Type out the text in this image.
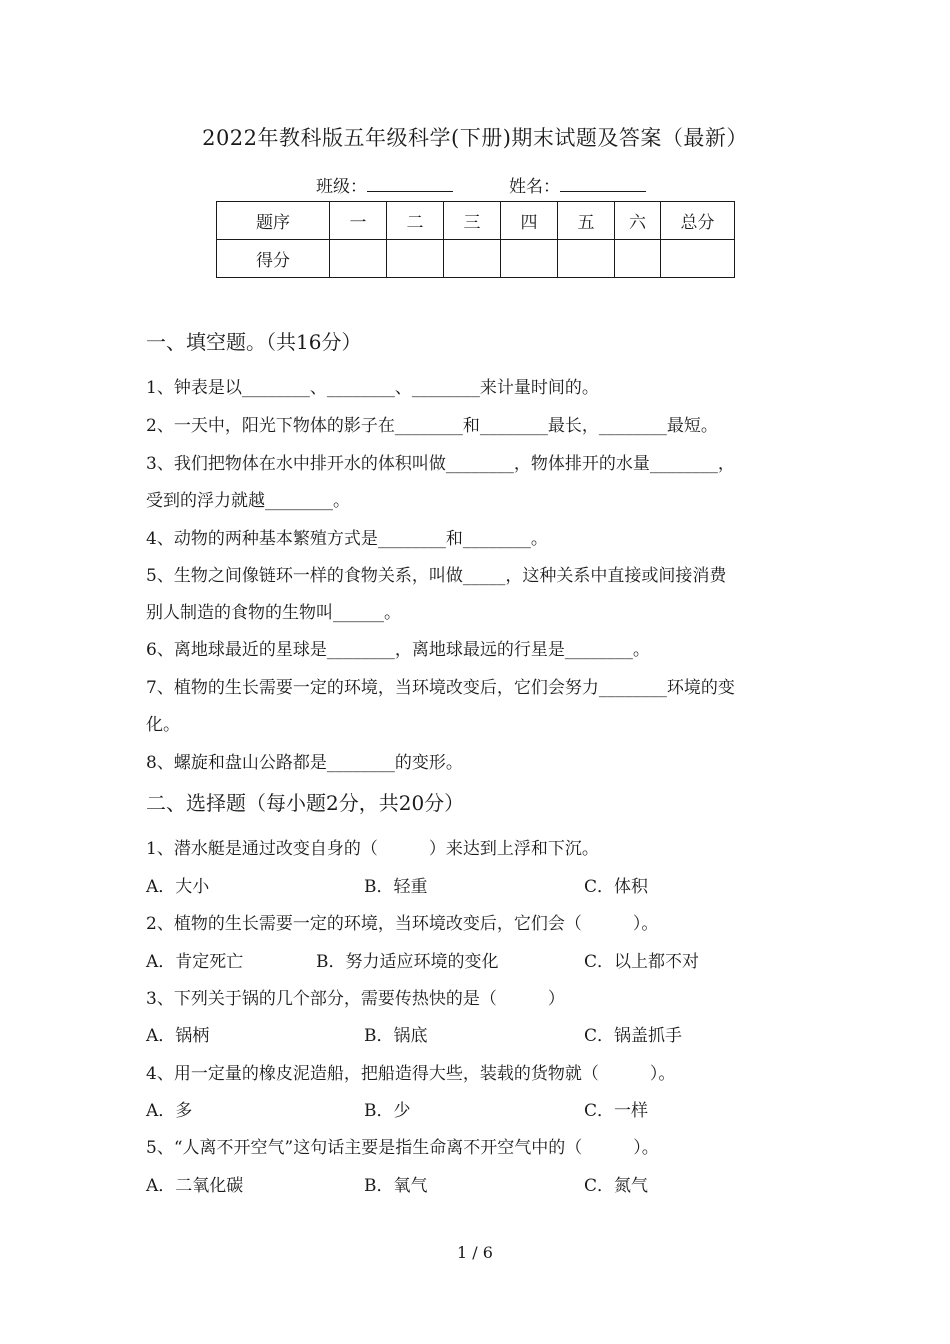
2022年教科版五年级科学(下册)期末试题及答案（最新）
班级：	姓名：
题序	一	二	三	四	五	六	总分
得分							
一、填空题。（共16分）
1、钟表是以________、________、________来计量时间的。
2、一天中，阳光下物体的影子在________和________最长，________最短。
3、我们把物体在水中排开水的体积叫做________，物体排开的水量________，
受到的浮力就越________。
4、动物的两种基本繁殖方式是________和________。
5、生物之间像链环一样的食物关系，叫做_____，这种关系中直接或间接消费
别人制造的食物的生物叫______。
6、离地球最近的星球是________，离地球最远的行星是________。
7、植物的生长需要一定的环境，当环境改变后，它们会努力________环境的变
化。
8、螺旋和盘山公路都是________的变形。
二、选择题（每小题2分，共20分）
1、潜水艇是通过改变自身的（　　　）来达到上浮和下沉。
A．大小	B．轻重	C．体积
2、植物的生长需要一定的环境，当环境改变后，它们会（　　　）。
A．肯定死亡	B．努力适应环境的变化	C．以上都不对
3、下列关于锅的几个部分，需要传热快的是（　　　）
A．锅柄	B．锅底	C．锅盖抓手
4、用一定量的橡皮泥造船，把船造得大些，装载的货物就（　　　）。
A．多	B．少	C．一样
5、“人离不开空气”这句话主要是指生命离不开空气中的（　　　）。
A．二氧化碳	B．氧气	C．氮气
1 / 6
